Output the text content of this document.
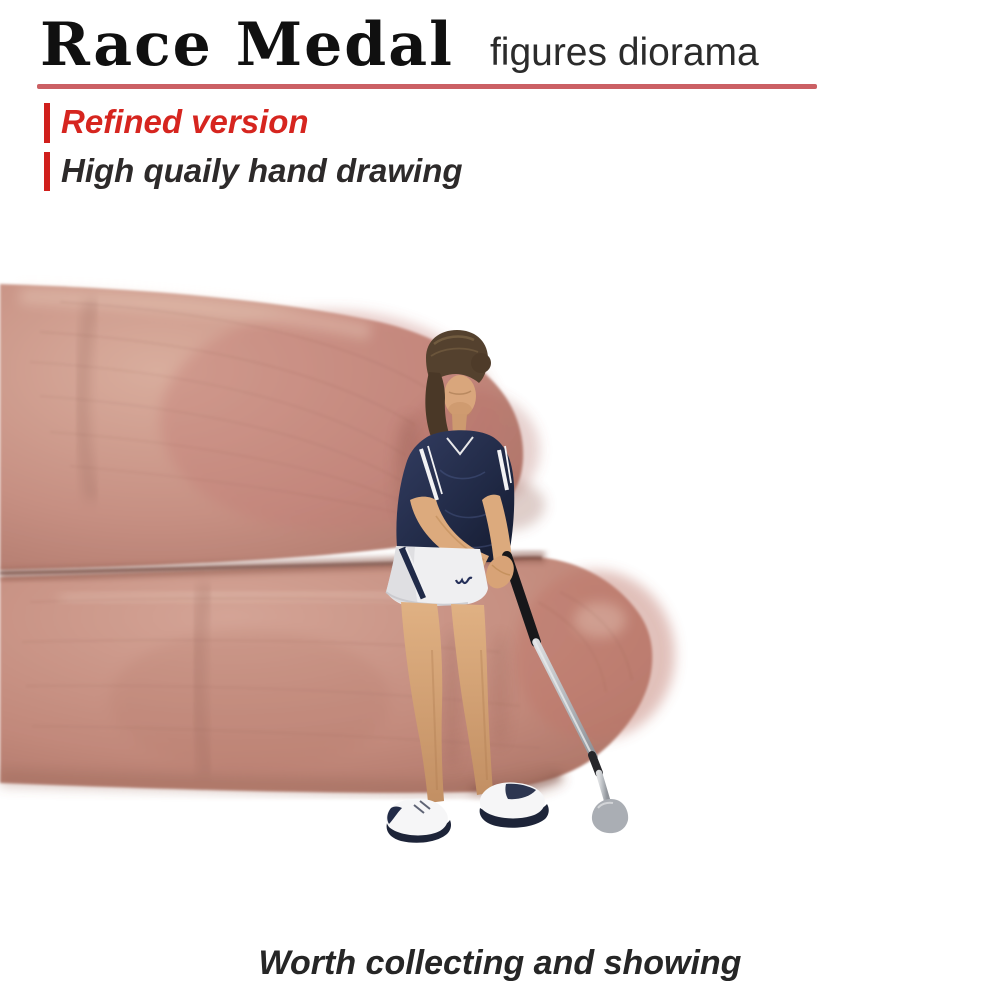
Race Medal figures diorama
Refined version
High quaily hand drawing
Worth collecting and showing
